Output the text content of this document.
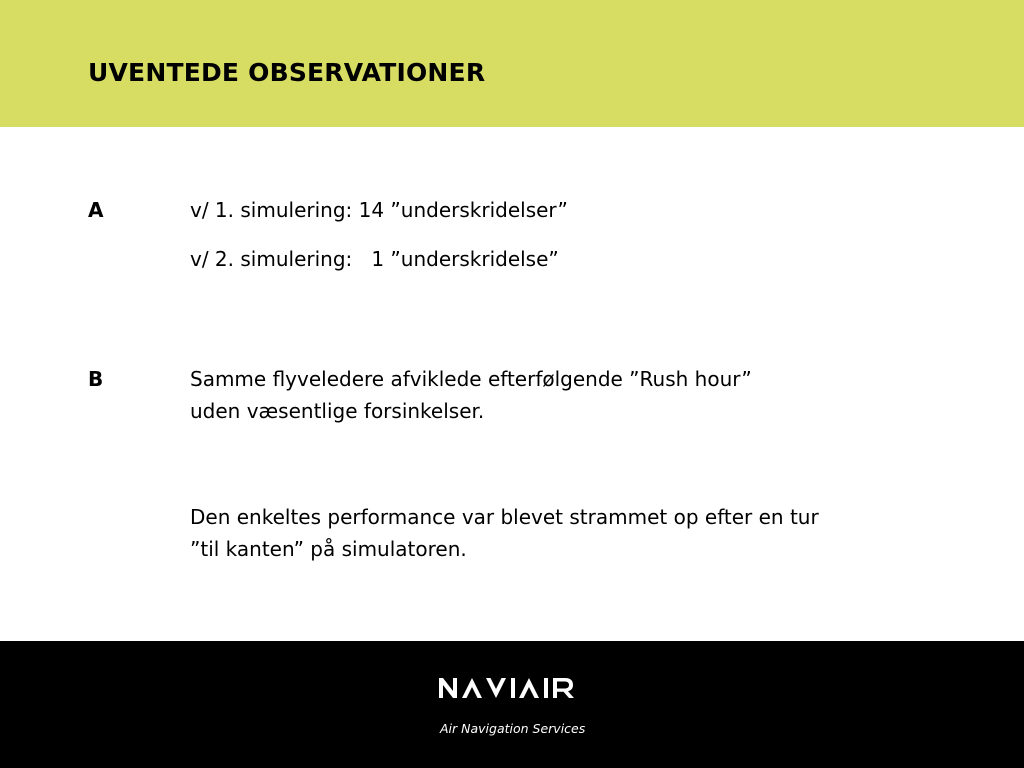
UVENTEDE OBSERVATIONER
A	v/ 1. simulering: 14 ”underskridelser”
v/ 2. simulering:   1 ”underskridelse”
B	Samme flyveledere afviklede efterfølgende ”Rush hour”
uden væsentlige forsinkelser.
Den enkeltes performance var blevet strammet op efter en tur
”til kanten” på simulatoren.
Air Navigation Services
